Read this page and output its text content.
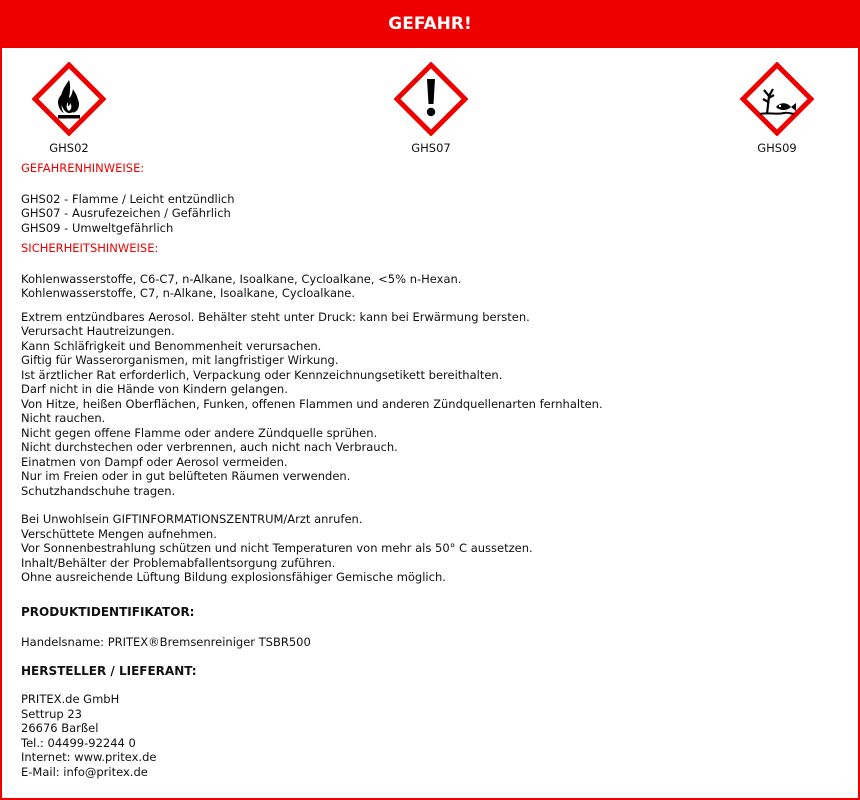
GEFAHR!
GHS02	GHS07	GHS09
GEFAHRENHINWEISE:
GHS02 - Flamme / Leicht entzündlich
GHS07 - Ausrufezeichen / Gefährlich
GHS09 - Umweltgefährlich
SICHERHEITSHINWEISE:
Kohlenwasserstoffe, C6-C7, n-Alkane, Isoalkane, Cycloalkane, <5% n-Hexan.
Kohlenwasserstoffe, C7, n-Alkane, Isoalkane, Cycloalkane.
Extrem entzündbares Aerosol. Behälter steht unter Druck: kann bei Erwärmung bersten.
Verursacht Hautreizungen.
Kann Schläfrigkeit und Benommenheit verursachen.
Giftig für Wasserorganismen, mit langfristiger Wirkung.
Ist ärztlicher Rat erforderlich, Verpackung oder Kennzeichnungsetikett bereithalten.
Darf nicht in die Hände von Kindern gelangen.
Von Hitze, heißen Oberflächen, Funken, offenen Flammen und anderen Zündquellenarten fernhalten.
Nicht rauchen.
Nicht gegen offene Flamme oder andere Zündquelle sprühen.
Nicht durchstechen oder verbrennen, auch nicht nach Verbrauch.
Einatmen von Dampf oder Aerosol vermeiden.
Nur im Freien oder in gut belüfteten Räumen verwenden.
Schutzhandschuhe tragen.
Bei Unwohlsein GIFTINFORMATIONSZENTRUM/Arzt anrufen.
Verschüttete Mengen aufnehmen.
Vor Sonnenbestrahlung schützen und nicht Temperaturen von mehr als 50° C aussetzen.
Inhalt/Behälter der Problemabfallentsorgung zuführen.
Ohne ausreichende Lüftung Bildung explosionsfähiger Gemische möglich.
PRODUKTIDENTIFIKATOR:
Handelsname: PRITEX®Bremsenreiniger TSBR500
HERSTELLER / LIEFERANT:
PRITEX.de GmbH
Settrup 23
26676 Barßel
Tel.: 04499-92244 0
Internet: www.pritex.de
E-Mail: info@pritex.de
